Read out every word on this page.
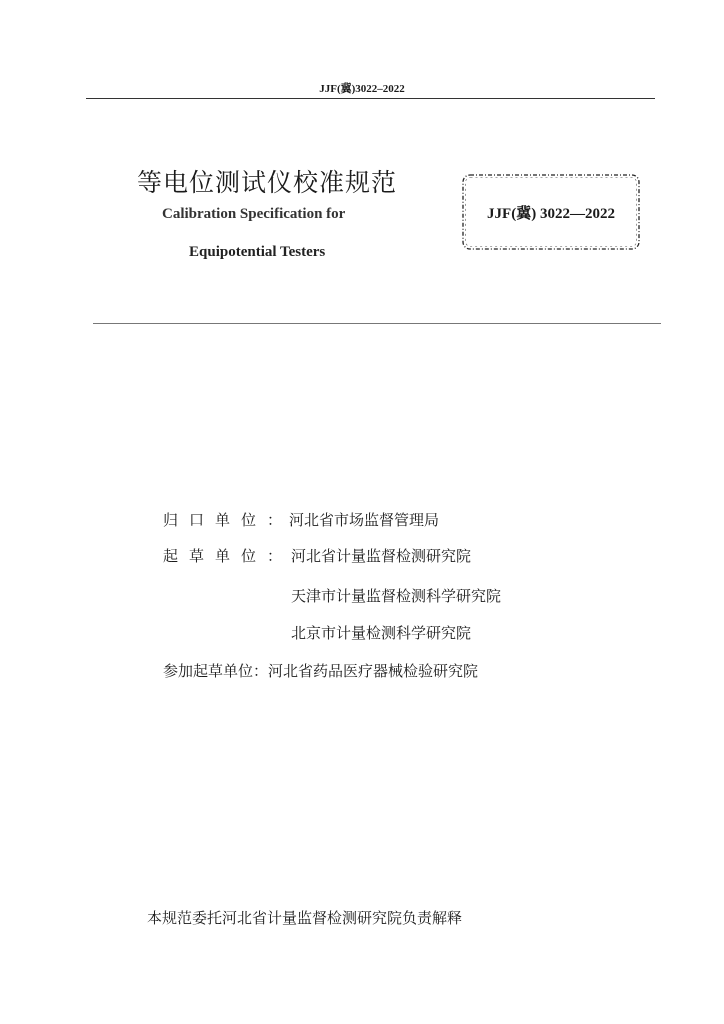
JJF(冀)3022–2022
等电位测试仪校准规范
Calibration Specification for
Equipotential Testers
JJF(冀) 3022—2022
归口单位：河北省市场监督管理局
起草单位：河北省计量监督检测研究院
天津市计量监督检测科学研究院
北京市计量检测科学研究院
参加起草单位：河北省药品医疗器械检验研究院
本规范委托河北省计量监督检测研究院负责解释
